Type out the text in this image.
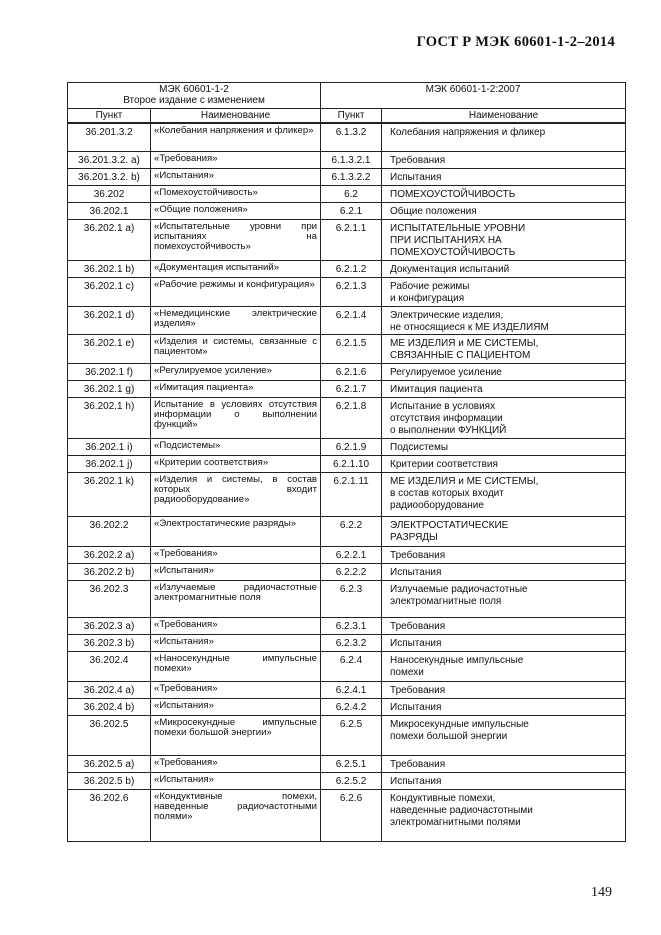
ГОСТ Р МЭК 60601-1-2–2014
МЭК 60601-1-2
Второе издание с изменением		МЭК 60601-1-2:2007	
Пункт	Наименование	Пункт	Наименование
36.201.3.2	«Колебания напряжения и фликер»	6.1.3.2	Колебания напряжения и фликер
36.201.3.2. a)	«Требования»	6.1.3.2.1	Требования
36.201.3.2. b)	«Испытания»	6.1.3.2.2	Испытания
36.202	«Помехоустойчивость»	6.2	ПОМЕХОУСТОЙЧИВОСТЬ
36.202.1	«Общие положения»	6.2.1	Общие положения
36.202.1 a)	«Испытательные уровни при испытаниях на помехоустойчивость»	6.2.1.1	ИСПЫТАТЕЛЬНЫЕ УРОВНИ
ПРИ ИСПЫТАНИЯХ НА
ПОМЕХОУСТОЙЧИВОСТЬ
36.202.1 b)	«Документация испытаний»	6.2.1.2	Документация испытаний
36.202.1 c)	«Рабочие режимы и конфигурация»	6.2.1.3	Рабочие режимы
и конфигурация
36.202.1 d)	«Немедицинские электрические изделия»	6.2.1.4	Электрические изделия,
не относящиеся к МЕ ИЗДЕЛИЯМ
36.202.1 e)	«Изделия и системы, связанные с пациентом»	6.2.1.5	МЕ ИЗДЕЛИЯ и МЕ СИСТЕМЫ,
СВЯЗАННЫЕ С ПАЦИЕНТОМ
36.202.1 f)	«Регулируемое усиление»	6.2.1.6	Регулируемое усиление
36.202.1 g)	«Имитация пациента»	6.2.1.7	Имитация пациента
36.202.1 h)	Испытание в условиях отсутствия информации о выполнении функций»	6.2.1.8	Испытание в условиях
отсутствия информации
о выполнении ФУНКЦИЙ
36.202.1 i)	«Подсистемы»	6.2.1.9	Подсистемы
36.202.1 j)	«Критерии соответствия»	6.2.1.10	Критерии соответствия
36.202.1 k)	«Изделия и системы, в состав которых входит радиооборудование»	6.2.1.11	МЕ ИЗДЕЛИЯ и МЕ СИСТЕМЫ,
в состав которых входит
радиооборудование
36.202.2	«Электростатические разряды»	6.2.2	ЭЛЕКТРОСТАТИЧЕСКИЕ
РАЗРЯДЫ
36.202.2 a)	«Требования»	6.2.2.1	Требования
36.202.2 b)	«Испытания»	6.2.2.2	Испытания
36.202.3	«Излучаемые радиочастотные электромагнитные поля	6.2.3	Излучаемые радиочастотные
электромагнитные поля
36.202.3 a)	«Требования»	6.2.3.1	Требования
36.202.3 b)	«Испытания»	6.2.3.2	Испытания
36.202.4	«Наносекундные импульсные помехи»	6.2.4	Наносекундные импульсные
помехи
36.202.4 a)	«Требования»	6.2.4.1	Требования
36.202.4 b)	«Испытания»	6.2.4.2	Испытания
36.202.5	«Микросекундные импульсные помехи большой энергии»	6.2.5	Микросекундные импульсные
помехи большой энергии
36.202.5 a)	«Требования»	6.2.5.1	Требования
36.202.5 b)	«Испытания»	6.2.5.2	Испытания
36.202.6	«Кондуктивные помехи, наведенные радиочастотными полями»	6.2.6	Кондуктивные помехи,
наведенные радиочастотными
электромагнитными полями
149
